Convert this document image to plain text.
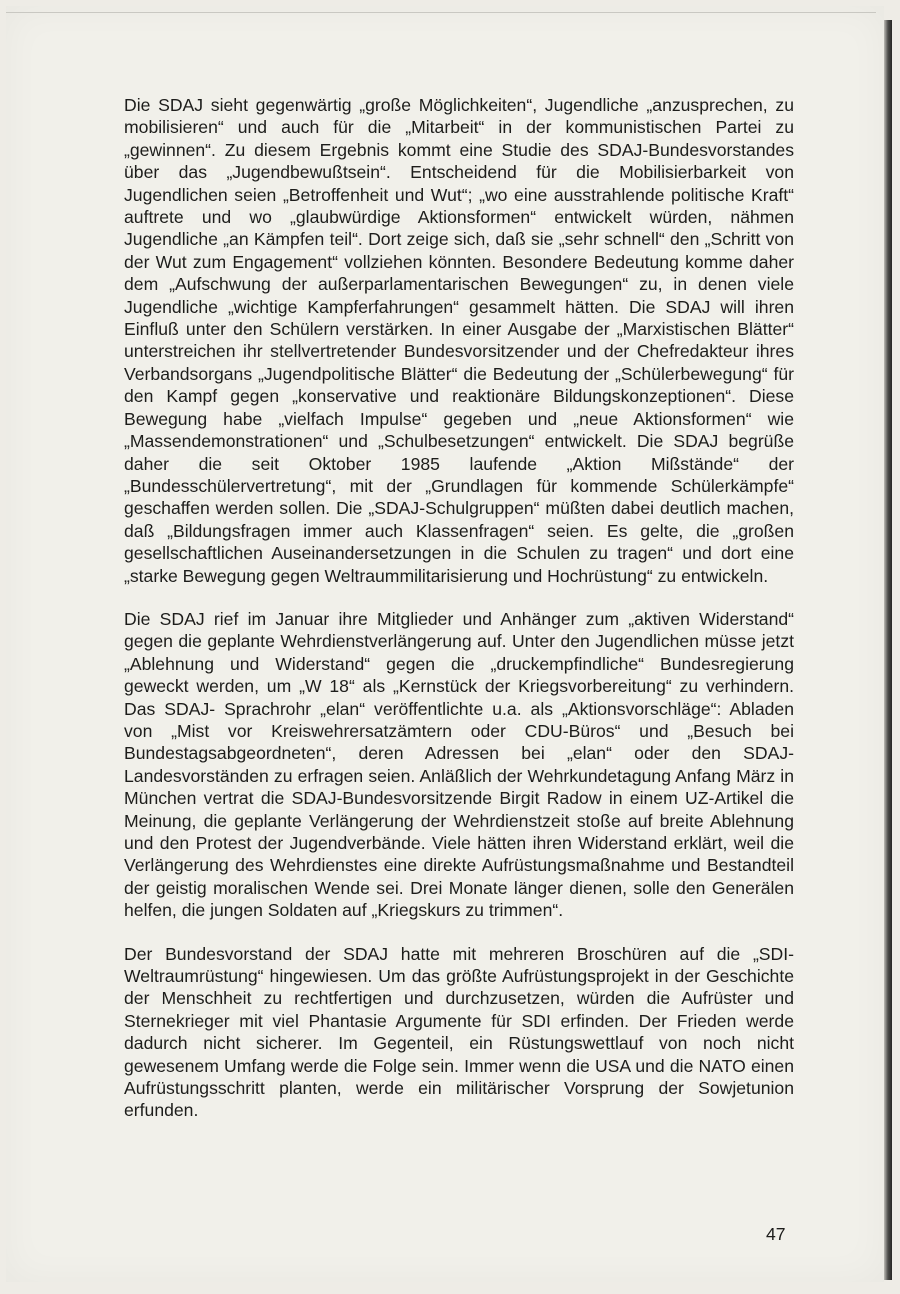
Die SDAJ sieht gegenwärtig „große Möglichkeiten“, Jugendliche „anzusprechen, zu mobilisieren“ und auch für die „Mitarbeit“ in der kommunistischen Partei zu „gewinnen“. Zu diesem Ergebnis kommt eine Studie des SDAJ-Bundesvorstandes über das „Jugendbewußtsein“. Entscheidend für die Mobilisierbarkeit von Jugendlichen seien „Betroffenheit und Wut“; „wo eine ausstrahlende politische Kraft“ auftrete und wo „glaubwürdige Aktionsformen“ entwickelt würden, nähmen Jugendliche „an Kämpfen teil“. Dort zeige sich, daß sie „sehr schnell“ den „Schritt von der Wut zum Engagement“ vollziehen könnten. Besondere Bedeutung komme daher dem „Aufschwung der außerparlamentarischen Bewegungen“ zu, in denen viele Jugendliche „wichtige Kampferfahrungen“ gesammelt hätten. Die SDAJ will ihren Einfluß unter den Schülern verstärken. In einer Ausgabe der „Marxistischen Blätter“ unterstreichen ihr stellvertretender Bundesvorsitzender und der Chefredakteur ihres Verbandsorgans „Jugendpolitische Blätter“ die Bedeutung der „Schülerbewegung“ für den Kampf gegen „konservative und reaktionäre Bildungskonzeptionen“. Diese Bewegung habe „vielfach Impulse“ gegeben und „neue Aktionsformen“ wie „Massendemonstrationen“ und „Schulbesetzungen“ entwickelt. Die SDAJ begrüße daher die seit Oktober 1985 laufende „Aktion Mißstände“ der „Bundesschülervertretung“, mit der „Grundlagen für kommende Schülerkämpfe“ geschaffen werden sollen. Die „SDAJ-Schulgruppen“ müßten dabei deutlich machen, daß „Bildungsfragen immer auch Klassenfragen“ seien. Es gelte, die „großen gesellschaftlichen Auseinandersetzungen in die Schulen zu tragen“ und dort eine „starke Bewegung gegen Weltraummilitarisierung und Hochrüstung“ zu entwickeln.

Die SDAJ rief im Januar ihre Mitglieder und Anhänger zum „aktiven Widerstand“ gegen die geplante Wehrdienstverlängerung auf. Unter den Jugendlichen müsse jetzt „Ablehnung und Widerstand“ gegen die „druckempfindliche“ Bundesregierung geweckt werden, um „W 18“ als „Kernstück der Kriegsvorbereitung“ zu verhindern. Das SDAJ- Sprachrohr „elan“ veröffentlichte u.a. als „Aktionsvorschläge“: Abladen von „Mist vor Kreiswehrersatzämtern oder CDU-Büros“ und „Besuch bei Bundestagsabgeordneten“, deren Adressen bei „elan“ oder den SDAJ-Landesvorständen zu erfragen seien. Anläßlich der Wehrkundetagung Anfang März in München vertrat die SDAJ-Bundesvorsitzende Birgit Radow in einem UZ-Artikel die Meinung, die geplante Verlängerung der Wehrdienstzeit stoße auf breite Ablehnung und den Protest der Jugendverbände. Viele hätten ihren Widerstand erklärt, weil die Verlängerung des Wehrdienstes eine direkte Aufrüstungsmaßnahme und Bestandteil der geistig moralischen Wende sei. Drei Monate länger dienen, solle den Generälen helfen, die jungen Soldaten auf „Kriegskurs zu trimmen“.

Der Bundesvorstand der SDAJ hatte mit mehreren Broschüren auf die „SDI-Weltraumrüstung“ hingewiesen. Um das größte Aufrüstungsprojekt in der Geschichte der Menschheit zu rechtfertigen und durchzusetzen, würden die Aufrüster und Sternekrieger mit viel Phantasie Argumente für SDI erfinden. Der Frieden werde dadurch nicht sicherer. Im Gegenteil, ein Rüstungswettlauf von noch nicht gewesenem Umfang werde die Folge sein. Immer wenn die USA und die NATO einen Aufrüstungsschritt planten, werde ein militärischer Vorsprung der Sowjetunion erfunden.

47
